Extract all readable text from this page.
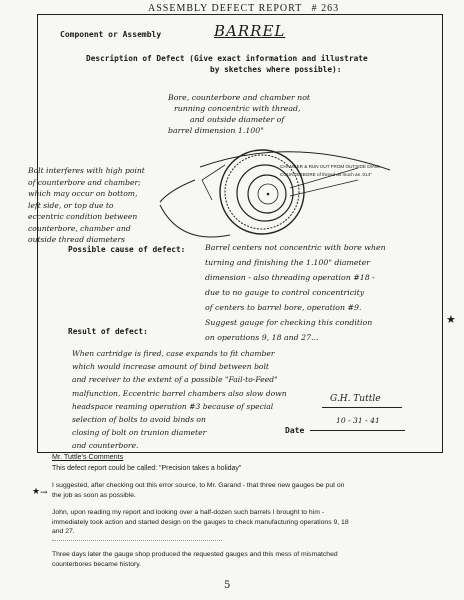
ASSEMBLY DEFECT REPORT # 263
Component or Assembly	BARREL
Description of Defect (Give exact information and illustrate
by sketches where possible):
Bore, counterbore and chamber not
running concentric with thread,
and outside diameter of
barrel dimension 1.100"
Bolt interferes with high point
of counterbore and chamber;
which may occur on bottom,
left side, or top due to
eccentric condition between
counterbore, chamber and
outside thread diameters
CHAMBER & RUN OUT FROM OUTSIDE DIAM.
COUNTERBORE of thread as much as .014"
Possible cause of defect:	Barrel centers not concentric with bore when
turning and finishing the 1.100" diameter
dimension - also threading operation #18 -
due to no gauge to control concentricity
of centers to barrel bore, operation #9.
Suggest gauge for checking this condition
on operations 9, 18 and 27...
★
Result of defect:
When cartridge is fired, case expands to fit chamber
which would increase amount of bind between bolt
and receiver to the extent of a possible "Fail-to-Feed"
malfunction. Eccentric barrel chambers also slow down
headspace reaming operation #3 because of special
selection of bolts to avoid binds on
closing of bolt on trunion diameter
and counterbore.
G.H. Tuttle
Date
10 - 31 - 41
Mr. Tuttle's Comments
This defect report could be called: "Precision takes a holiday"
★ →
I suggested, after checking out this error source, to Mr. Garand - that three new gauges be put on
the job as soon as possible.
John, upon reading my report and looking over a half-dozen such barrels I brought to him -
immediately took action and started design on the gauges to check manufacturing operations 9, 18
and 27.
Three days later the gauge shop produced the requested gauges and this mess of mismatched
counterbores became history.
5
